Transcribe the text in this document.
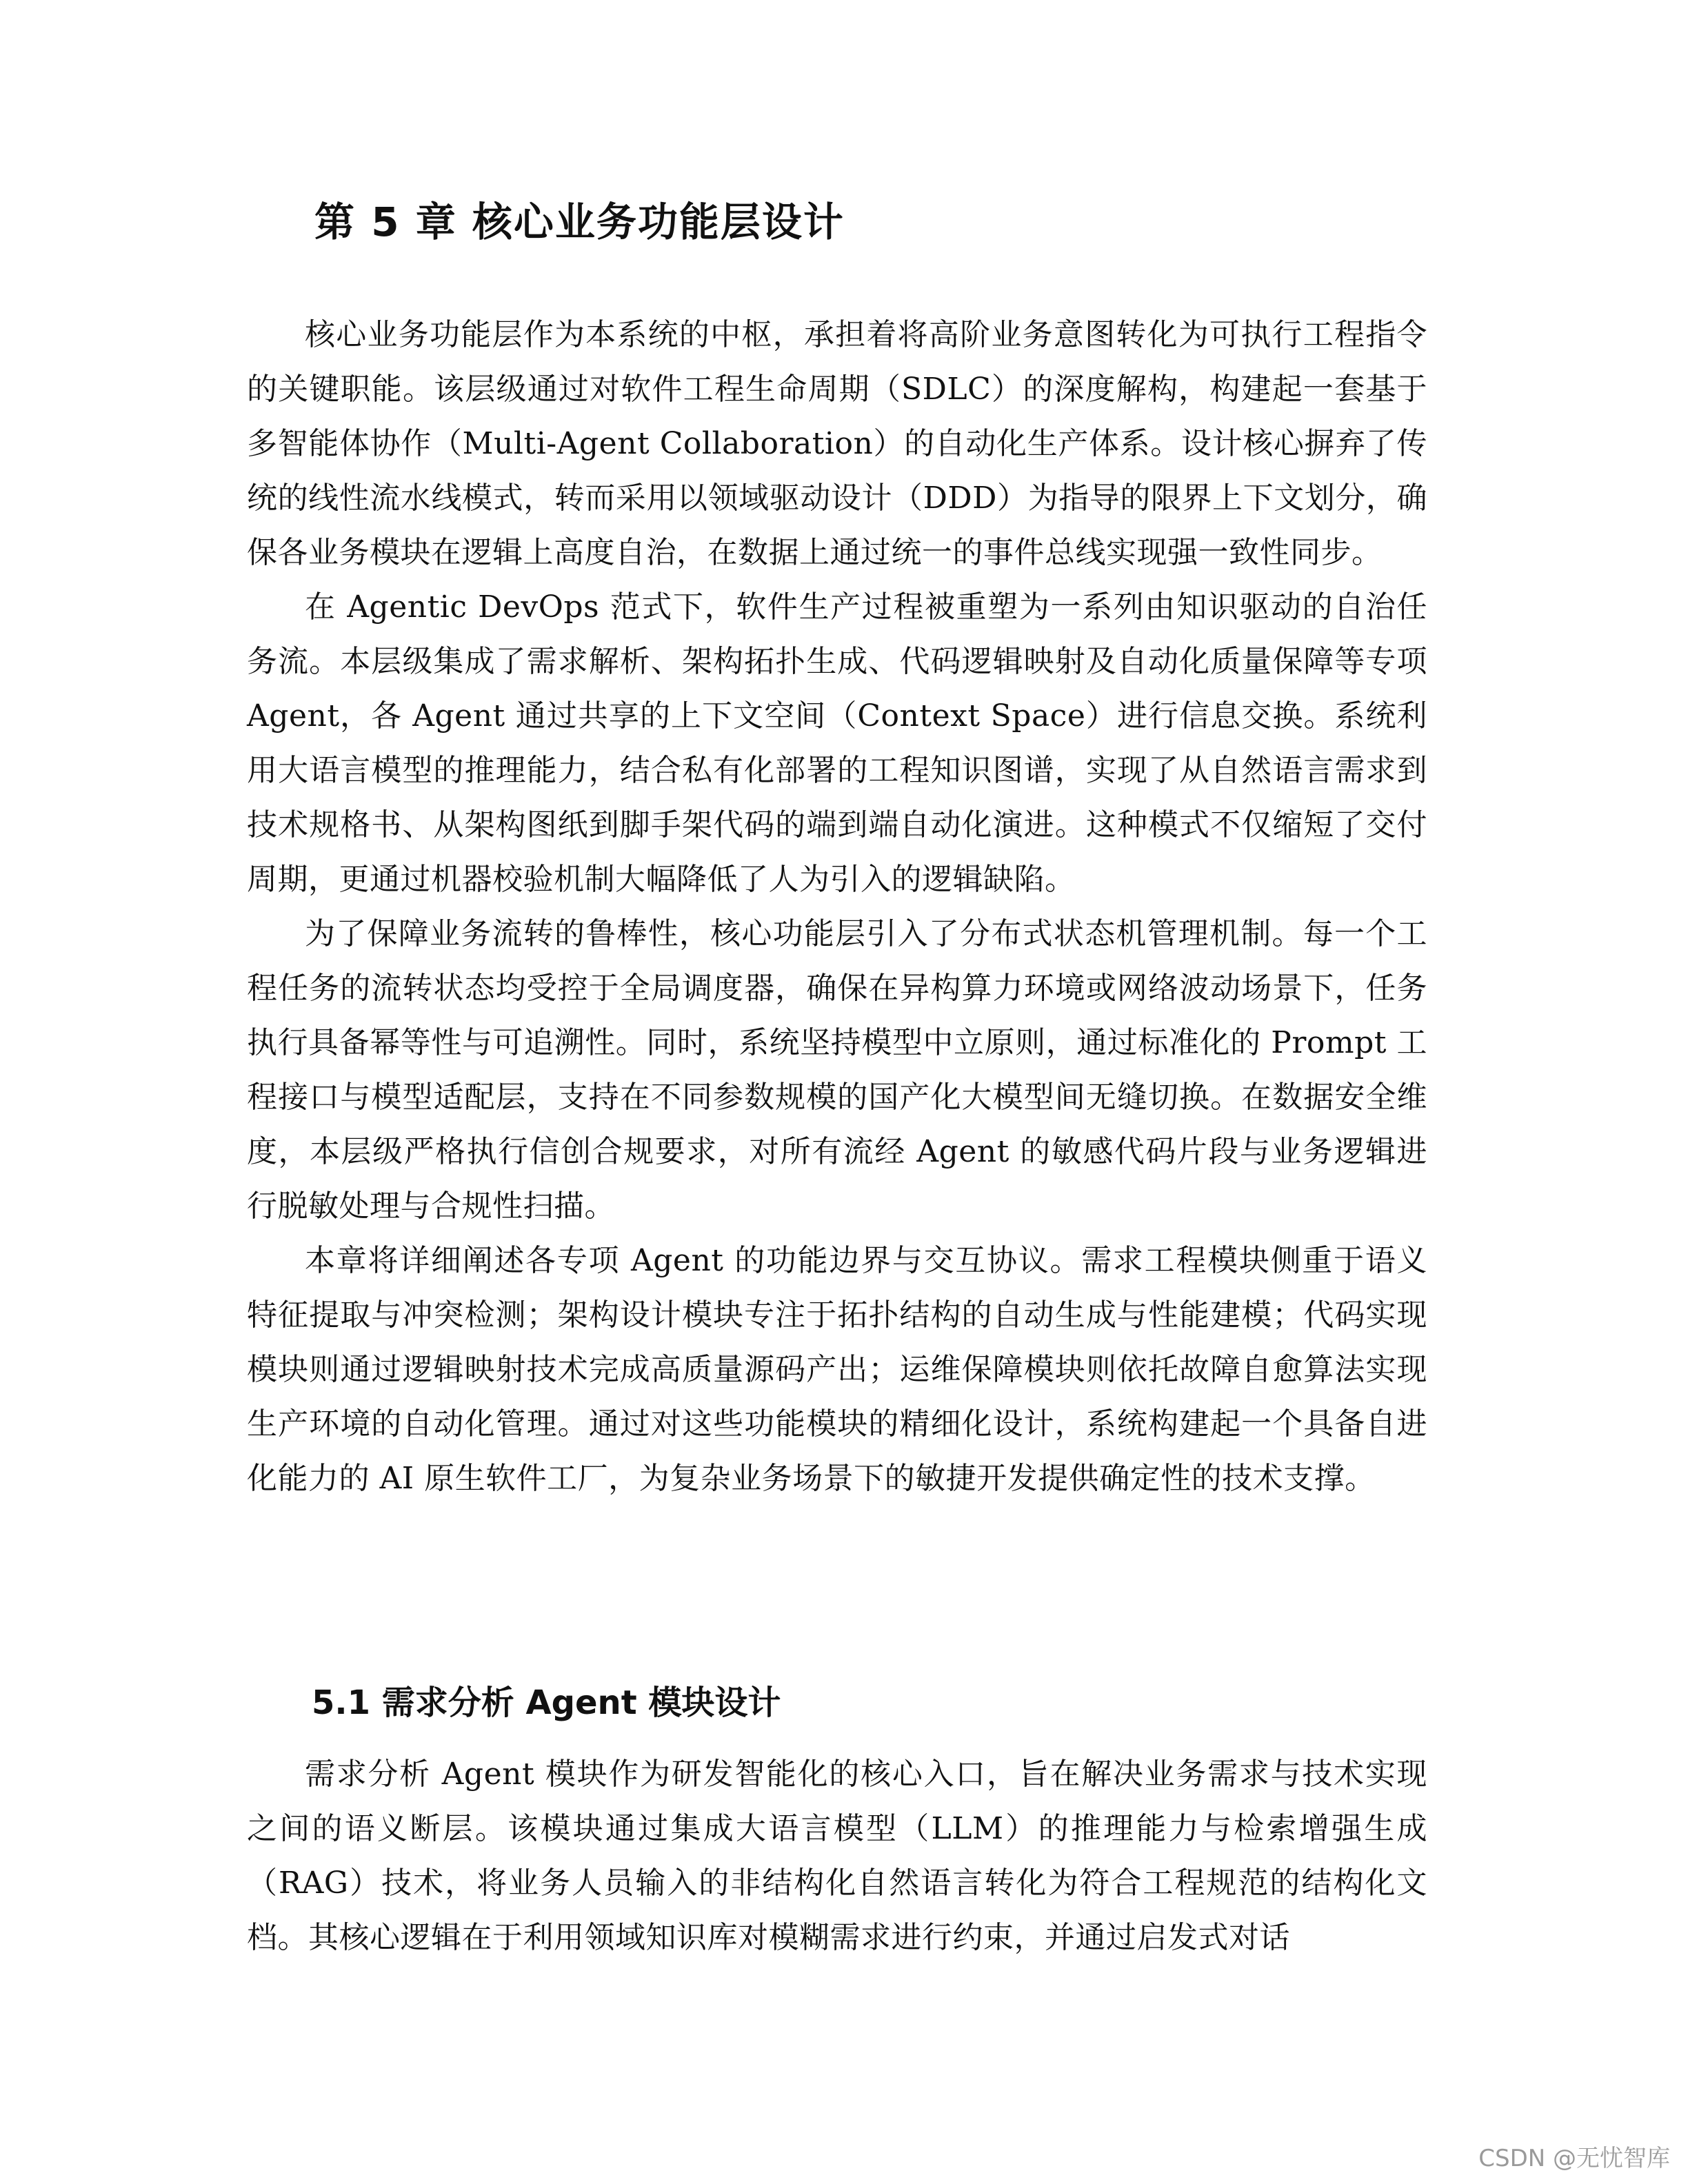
第 5 章 核心业务功能层设计

核心业务功能层作为本系统的中枢，承担着将高阶业务意图转化为可执行工程指令的关键职能。该层级通过对软件工程生命周期（SDLC）的深度解构，构建起一套基于多智能体协作（Multi-Agent Collaboration）的自动化生产体系。设计核心摒弃了传统的线性流水线模式，转而采用以领域驱动设计（DDD）为指导的限界上下文划分，确保各业务模块在逻辑上高度自治，在数据上通过统一的事件总线实现强一致性同步。

在 Agentic DevOps 范式下，软件生产过程被重塑为一系列由知识驱动的自治任务流。本层级集成了需求解析、架构拓扑生成、代码逻辑映射及自动化质量保障等专项 Agent，各 Agent 通过共享的上下文空间（Context Space）进行信息交换。系统利用大语言模型的推理能力，结合私有化部署的工程知识图谱，实现了从自然语言需求到技术规格书、从架构图纸到脚手架代码的端到端自动化演进。这种模式不仅缩短了交付周期，更通过机器校验机制大幅降低了人为引入的逻辑缺陷。

为了保障业务流转的鲁棒性，核心功能层引入了分布式状态机管理机制。每一个工程任务的流转状态均受控于全局调度器，确保在异构算力环境或网络波动场景下，任务执行具备幂等性与可追溯性。同时，系统坚持模型中立原则，通过标准化的 Prompt 工程接口与模型适配层，支持在不同参数规模的国产化大模型间无缝切换。在数据安全维度，本层级严格执行信创合规要求，对所有流经 Agent 的敏感代码片段与业务逻辑进行脱敏处理与合规性扫描。

本章将详细阐述各专项 Agent 的功能边界与交互协议。需求工程模块侧重于语义特征提取与冲突检测；架构设计模块专注于拓扑结构的自动生成与性能建模；代码实现模块则通过逻辑映射技术完成高质量源码产出；运维保障模块则依托故障自愈算法实现生产环境的自动化管理。通过对这些功能模块的精细化设计，系统构建起一个具备自进化能力的 AI 原生软件工厂，为复杂业务场景下的敏捷开发提供确定性的技术支撑。

5.1 需求分析 Agent 模块设计

需求分析 Agent 模块作为研发智能化的核心入口，旨在解决业务需求与技术实现之间的语义断层。该模块通过集成大语言模型（LLM）的推理能力与检索增强生成（RAG）技术，将业务人员输入的非结构化自然语言转化为符合工程规范的结构化文档。其核心逻辑在于利用领域知识库对模糊需求进行约束，并通过启发式对话

CSDN @无忧智库
